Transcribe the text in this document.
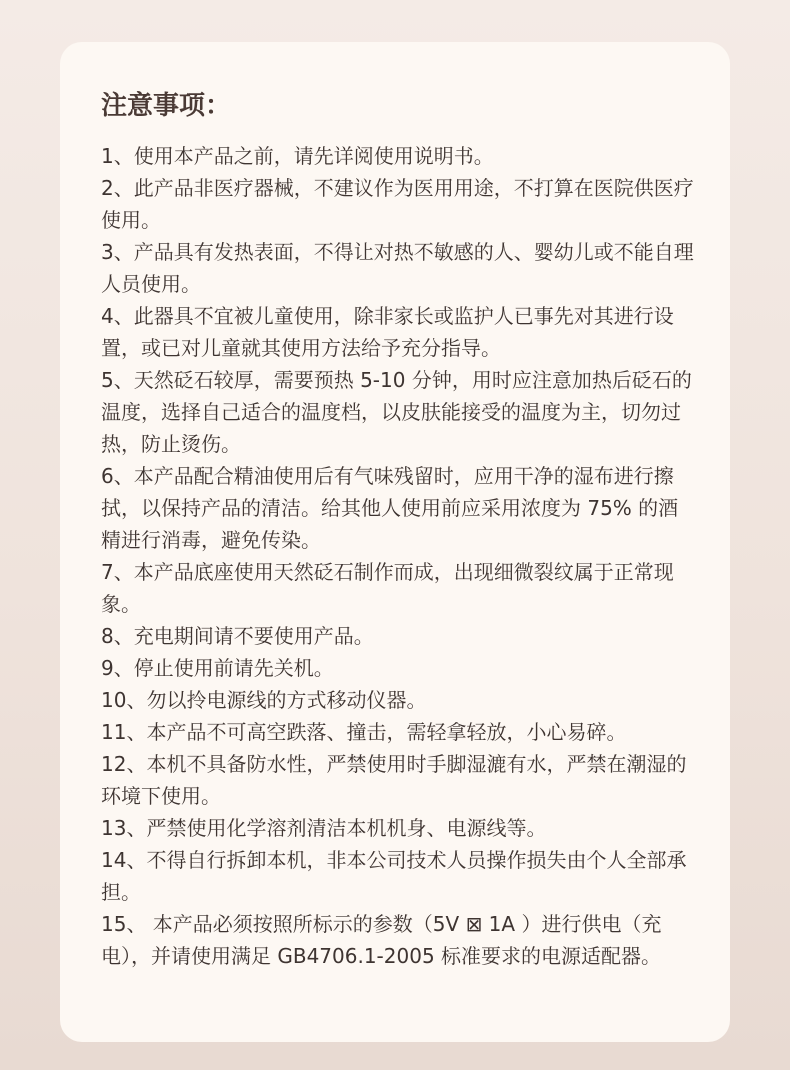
注意事项：
1、使用本产品之前，请先详阅使用说明书。
2、此产品非医疗器械，不建议作为医用用途，不打算在医院供医疗使用。
3、产品具有发热表面，不得让对热不敏感的人、婴幼儿或不能自理人员使用。
4、此器具不宜被儿童使用，除非家长或监护人已事先对其进行设置，或已对儿童就其使用方法给予充分指导。
5、天然砭石较厚，需要预热 5-10 分钟，用时应注意加热后砭石的温度，选择自己适合的温度档，以皮肤能接受的温度为主，切勿过热，防止烫伤。
6、本产品配合精油使用后有气味残留时，应用干净的湿布进行擦拭，以保持产品的清洁。给其他人使用前应采用浓度为 75% 的酒精进行消毒，避免传染。
7、本产品底座使用天然砭石制作而成，出现细微裂纹属于正常现象。
8、充电期间请不要使用产品。
9、停止使用前请先关机。
10、勿以拎电源线的方式移动仪器。
11、本产品不可高空跌落、撞击，需轻拿轻放，小心易碎。
12、本机不具备防水性，严禁使用时手脚湿漉有水，严禁在潮湿的环境下使用。
13、严禁使用化学溶剂清洁本机机身、电源线等。
14、不得自行拆卸本机，非本公司技术人员操作损失由个人全部承担。
15、 本产品必须按照所标示的参数（5V ⊠ 1A ）进行供电（充电），并请使用满足 GB4706.1-2005 标准要求的电源适配器。
